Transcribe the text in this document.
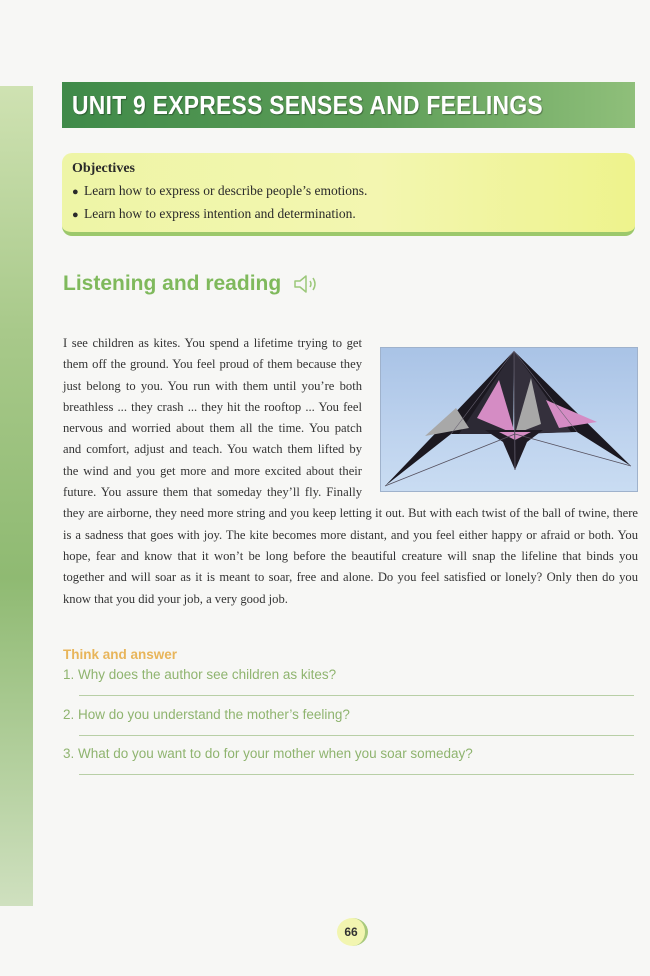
UNIT 9 EXPRESS SENSES AND FEELINGS
Objectives
● Learn how to express or describe people’s emotions.
● Learn how to express intention and determination.
Listening and reading
I see children as kites. You spend a lifetime trying to get them off the ground. You feel proud of them because they just belong to you. You run with them until you’re both breathless ... they crash ... they hit the rooftop ... You feel nervous and worried about them all the time. You patch and comfort, adjust and teach. You watch them lifted by the wind and you get more and more excited about their future. You assure them that someday they’ll fly. Finally they are airborne, they need more string and you keep letting it out. But with each twist of the ball of twine, there is a sadness that goes with joy. The kite becomes more distant, and you feel either happy or afraid or both. You hope, fear and know that it won’t be long before the beautiful creature will snap the lifeline that binds you together and will soar as it is meant to soar, free and alone. Do you feel satisfied or lonely? Only then do you know that you did your job, a very good job.
Think and answer
1. Why does the author see children as kites?
2. How do you understand the mother’s feeling?
3. What do you want to do for your mother when you soar someday?
66
